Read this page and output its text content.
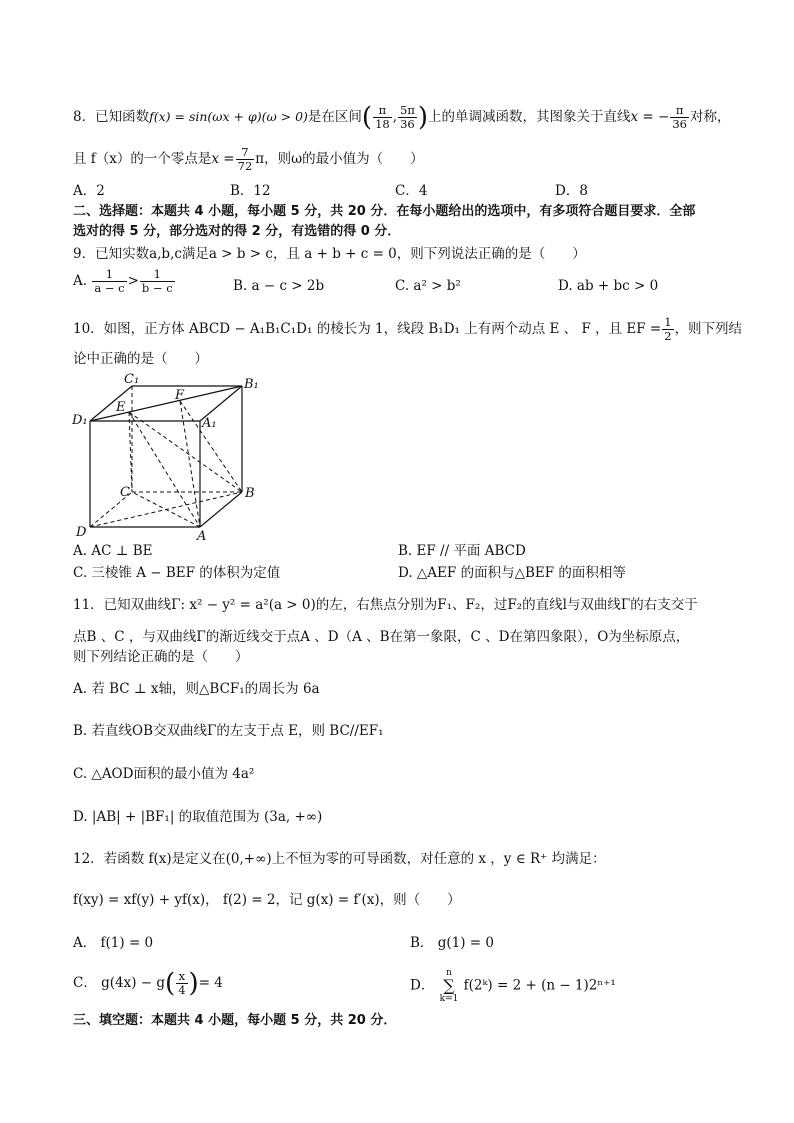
8．已知函数f(x) = sin(ωx + φ)(ω > 0)是在区间( $\frac{\pi}{18}$ , $\frac{5\pi}{36}$ )上的单调减函数，其图象关于直线x = − $\frac{\pi}{36}$ 对称，
且 f（x）的一个零点是$x = \frac{7}{72}$ π，则ω的最小值为（　　）
A．2	B．12	C．4	D．8
二、选择题：本题共 4 小题，每小题 5 分，共 20 分．在每小题给出的选项中，有多项符合题目要求．全部
选对的得 5 分，部分选对的得 2 分，有选错的得 0 分．
9．已知实数a,b,c满足a > b > c，且 a + b + c = 0，则下列说法正确的是（　　）
A. $\frac{1}{a - c} > \frac{1}{b - c}$	B. a − c > 2b	C. a² > b²	D. ab + bc > 0
10．如图，正方体 ABCD − A₁B₁C₁D₁ 的棱长为 1，线段 B₁D₁ 上有两个动点 E 、 F ，且 EF = $\frac{1}{2}$ ，则下列结
论中正确的是（　　）
C₁	B₁
D₁	A₁
E
F
C	B
D	A
A. AC ⊥ BE	B. EF // 平面 ABCD
C. 三棱锥 A − BEF 的体积为定值	D. △AEF 的面积与△BEF 的面积相等
11．已知双曲线Γ: x² − y² = a²(a > 0)的左，右焦点分别为F₁、F₂，过F₂的直线l与双曲线Γ的右支交于
点B 、C ，与双曲线Γ的渐近线交于点A 、D（A 、B在第一象限，C 、D在第四象限），O为坐标原点，
则下列结论正确的是（　　）
A. 若 BC ⊥ x轴，则△BCF₁的周长为 6a
B. 若直线OB交双曲线Γ的左支于点 E，则 BC//EF₁
C. △AOD面积的最小值为 4a²
D. |AB| + |BF₁| 的取值范围为 (3a, +∞)
12．若函数 f(x)是定义在(0,+∞)上不恒为零的可导函数，对任意的 x ，y ∈ R⁺ 均满足：
f(xy) = xf(y) + yf(x)， f(2) = 2，记 g(x) = f′(x)，则（　　）
A． f(1) = 0	B． g(1) = 0
C． $g(4x) - g( \frac{x}{4}$ )= 4	D．
n
∑
k=1
f(2ᵏ) = 2 + (n − 1)2ⁿ⁺¹
三、填空题：本题共 4 小题，每小题 5 分，共 20 分．
